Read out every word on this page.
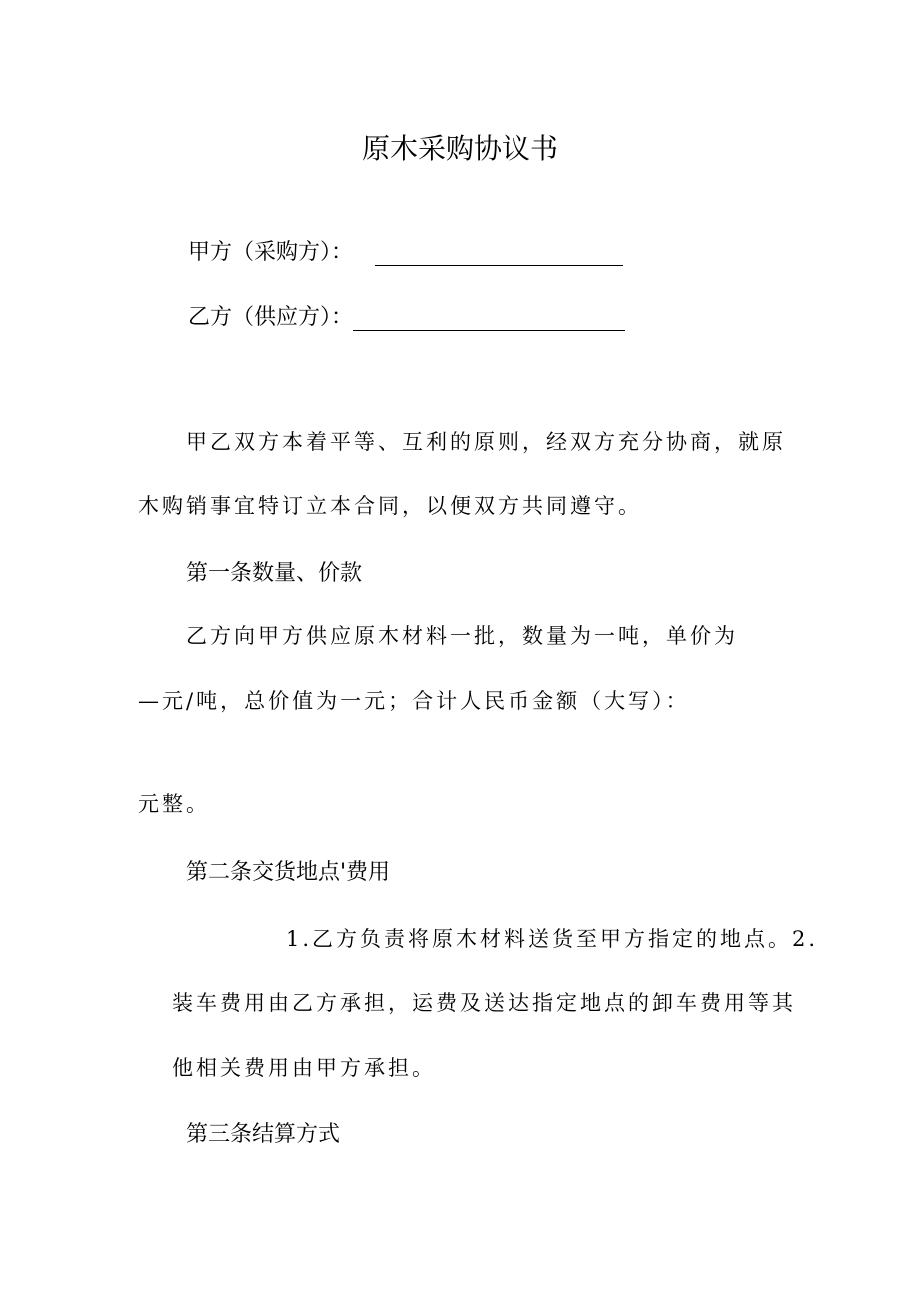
原木采购协议书
甲方（采购方）：
乙方（供应方）：
甲乙双方本着平等、互利的原则，经双方充分协商，就原
木购销事宜特订立本合同，以便双方共同遵守。
第一条数量、价款
乙方向甲方供应原木材料一批，数量为一吨，单价为
—元/吨，总价值为一元；合计人民币金额（大写）：
元整。
第二条交货地点'费用
1.乙方负责将原木材料送货至甲方指定的地点。2.
装车费用由乙方承担，运费及送达指定地点的卸车费用等其
他相关费用由甲方承担。
第三条结算方式
